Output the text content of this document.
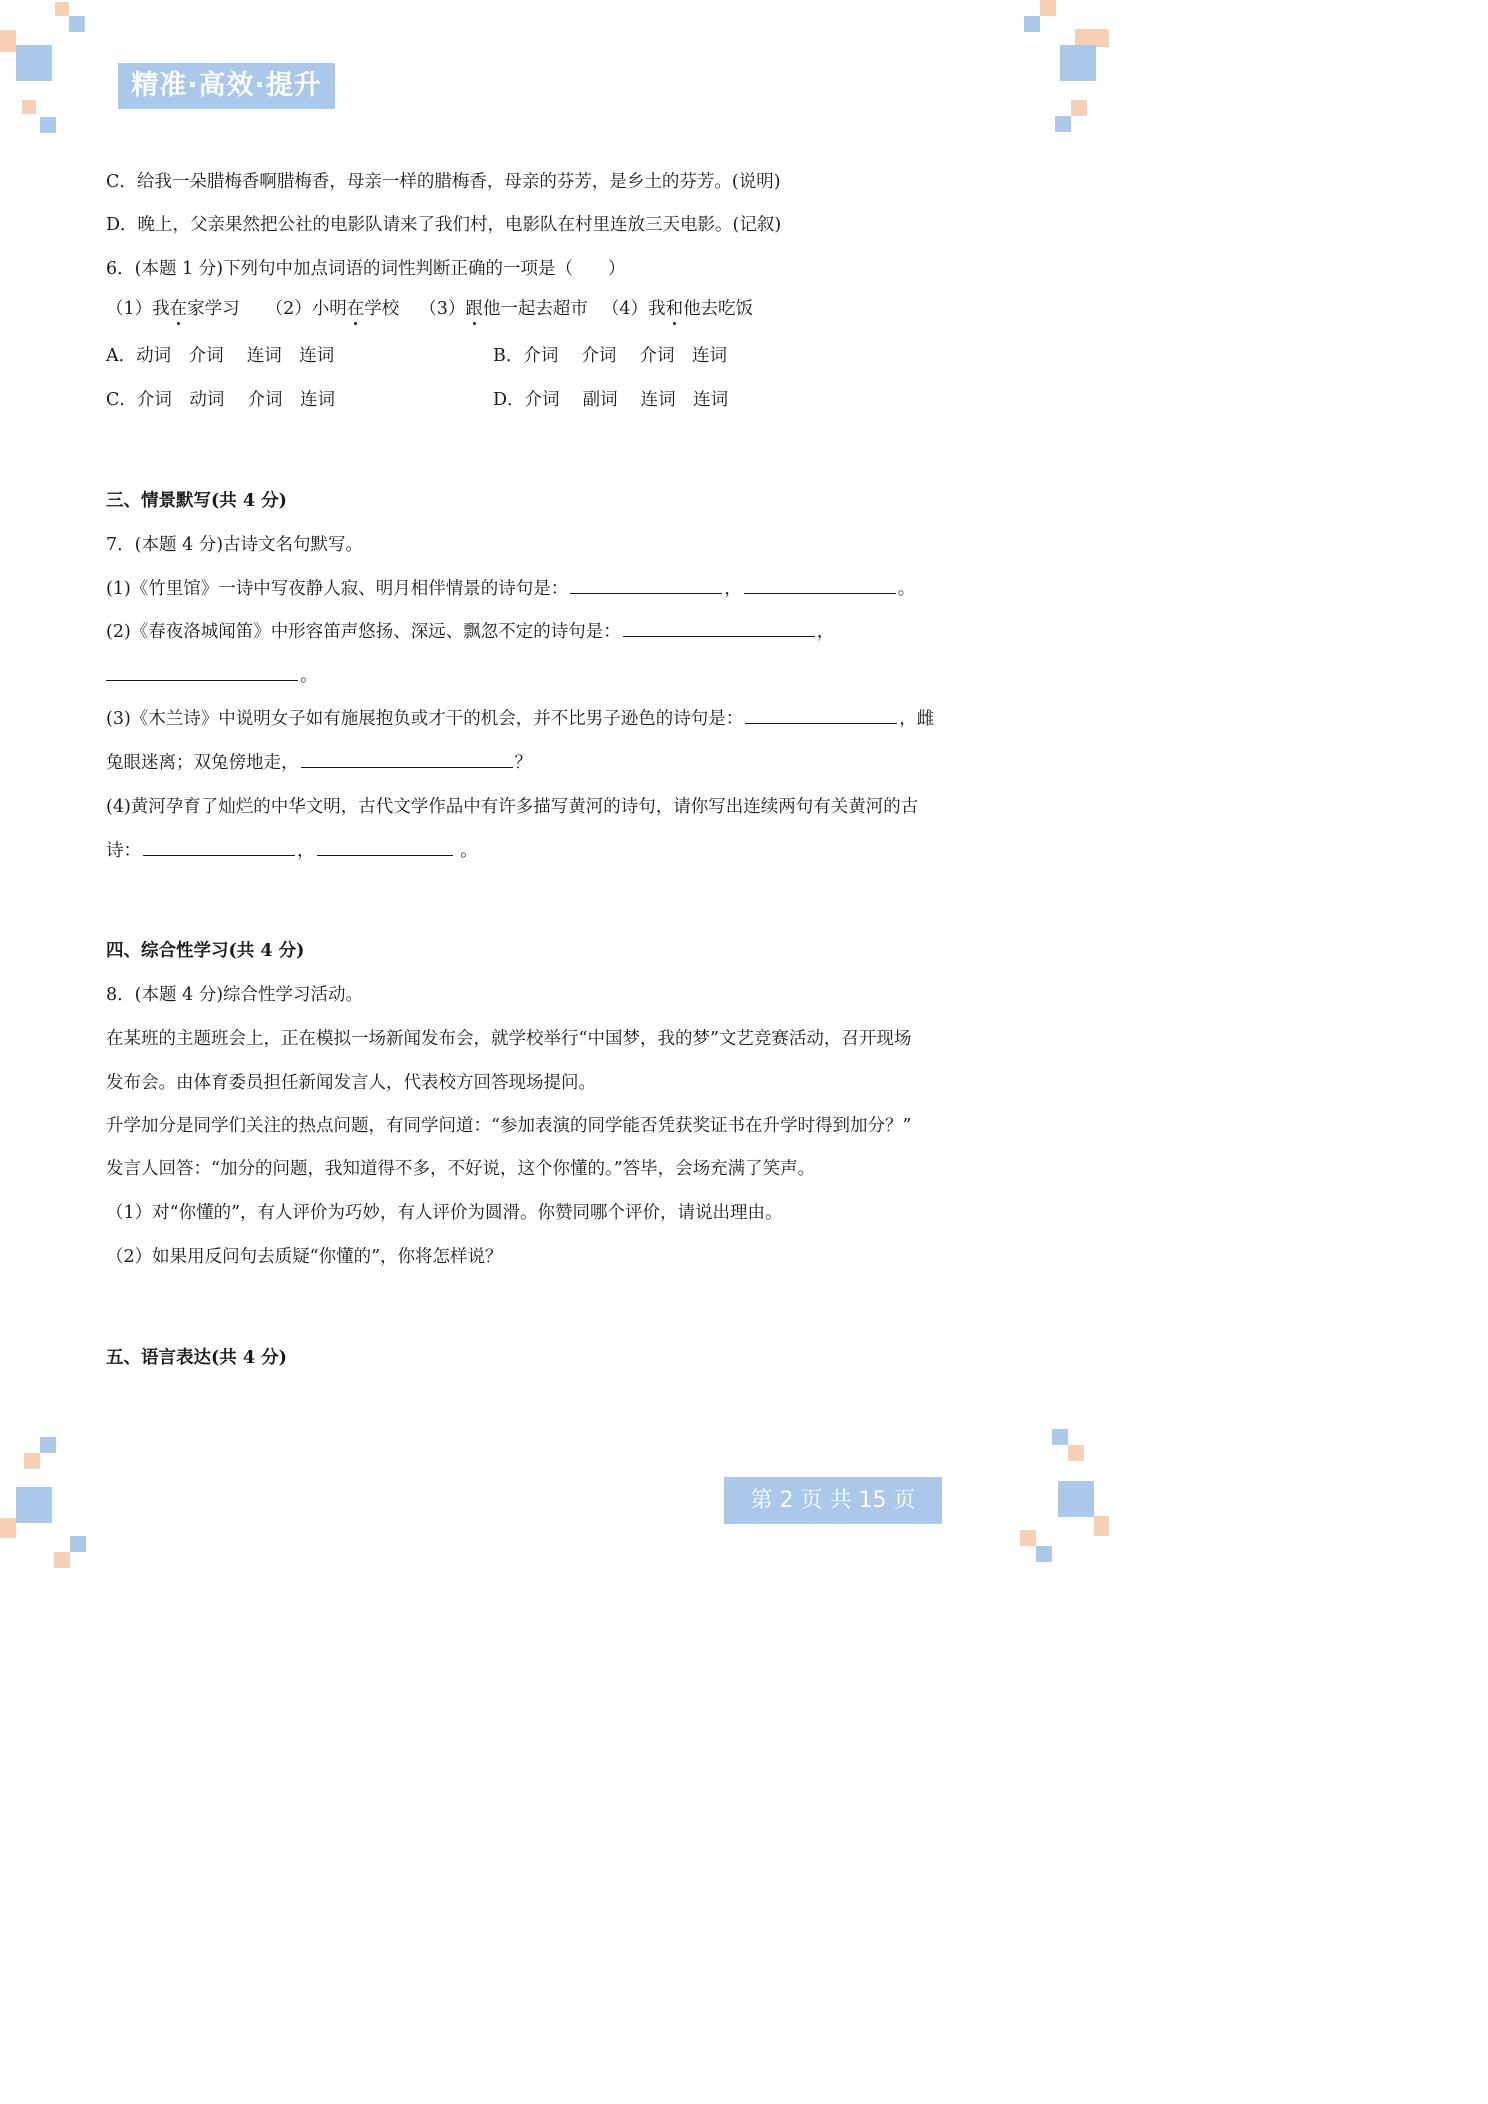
精准·高效·提升
C．给我一朵腊梅香啊腊梅香，母亲一样的腊梅香，母亲的芬芳，是乡土的芬芳。(说明)
D．晚上，父亲果然把公社的电影队请来了我们村，电影队在村里连放三天电影。(记叙)
6．(本题 1 分)下列句中加点词语的词性判断正确的一项是（　　）
（1）我在家学习 （2）小明在学校 （3）跟他一起去超市 （4）我和他去吃饭
A．动词　介词　 连词　连词	B．介词　 介词　 介词　连词
C．介词　动词　 介词　连词	D．介词　 副词　 连词　连词
三、情景默写(共 4 分)
7．(本题 4 分)古诗文名句默写。
(1)《竹里馆》一诗中写夜静人寂、明月相伴情景的诗句是：	，	。
(2)《春夜洛城闻笛》中形容笛声悠扬、深远、飘忽不定的诗句是：	，
。
(3)《木兰诗》中说明女子如有施展抱负或才干的机会，并不比男子逊色的诗句是：	，雌
兔眼迷离；双兔傍地走，	？
(4)黄河孕育了灿烂的中华文明，古代文学作品中有许多描写黄河的诗句，请你写出连续两句有关黄河的古
诗：	，	。
四、综合性学习(共 4 分)
8．(本题 4 分)综合性学习活动。
在某班的主题班会上，正在模拟一场新闻发布会，就学校举行“中国梦，我的梦”文艺竞赛活动，召开现场
发布会。由体育委员担任新闻发言人，代表校方回答现场提问。
升学加分是同学们关注的热点问题，有同学问道：“参加表演的同学能否凭获奖证书在升学时得到加分？”
发言人回答：“加分的问题，我知道得不多，不好说，这个你懂的。”答毕，会场充满了笑声。
（1）对“你懂的”，有人评价为巧妙，有人评价为圆滑。你赞同哪个评价，请说出理由。
（2）如果用反问句去质疑“你懂的”，你将怎样说？
五、语言表达(共 4 分)
第 2 页 共 15 页
